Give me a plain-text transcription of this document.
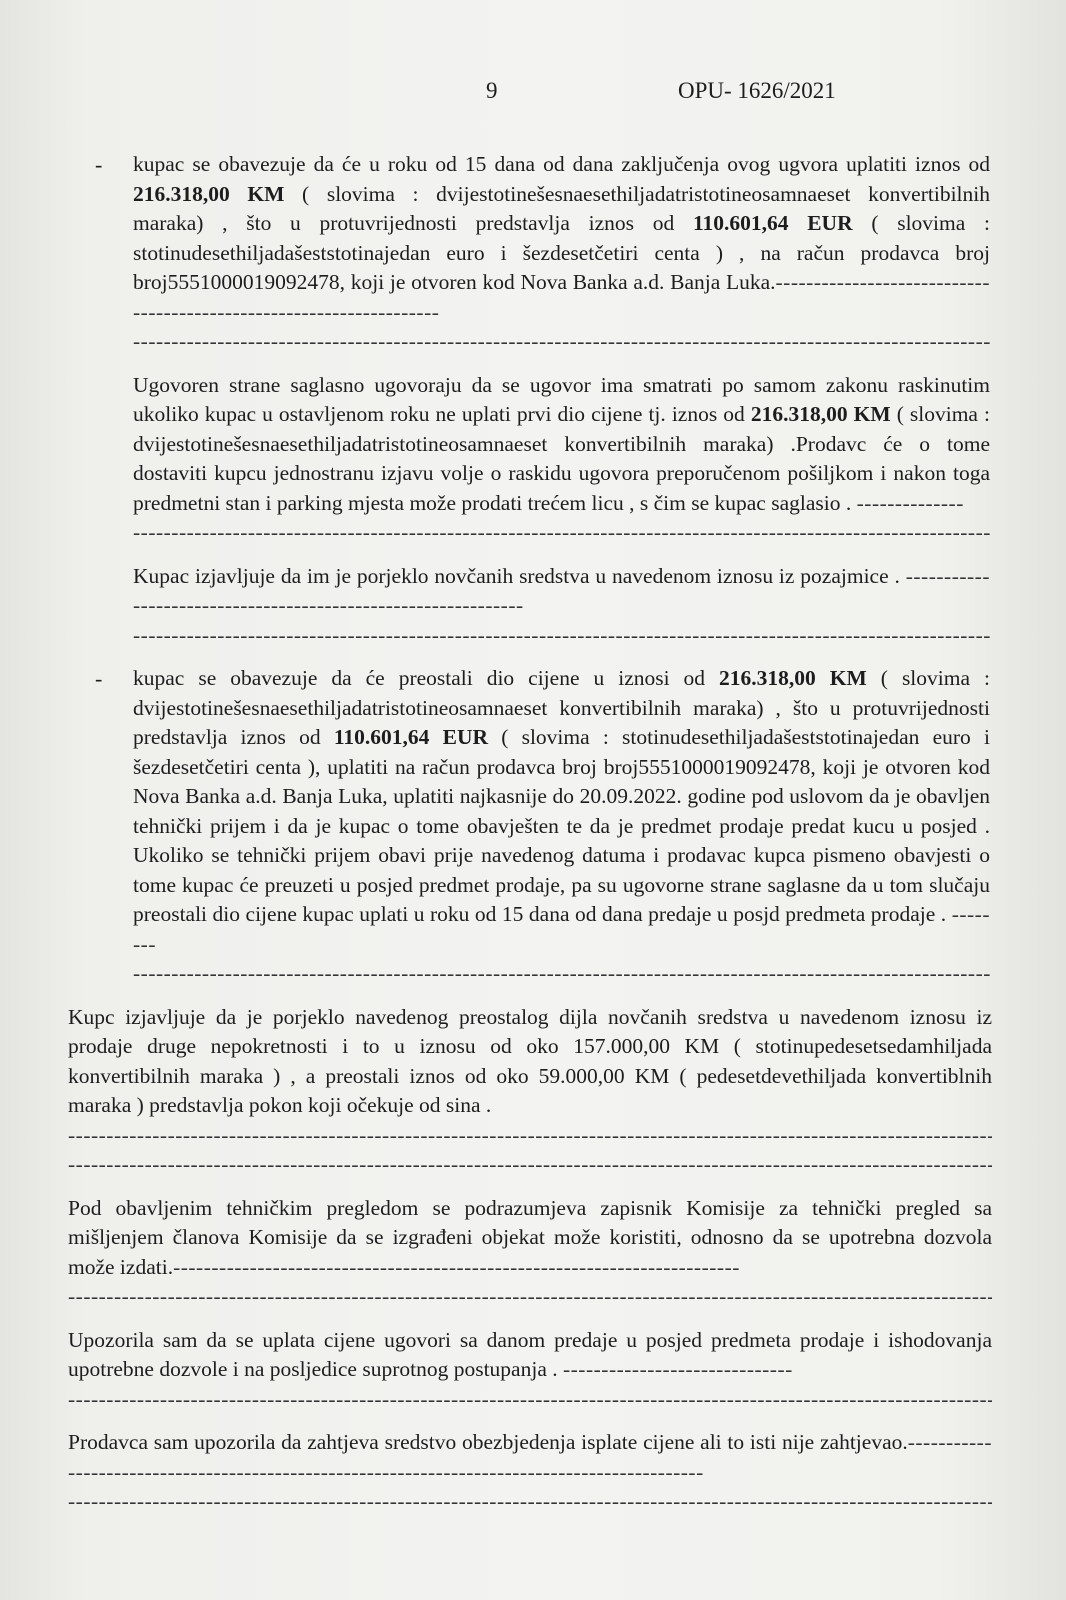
9	OPU- 1626/2021
- kupac se obavezuje da će u roku od 15 dana od dana zaključenja ovog ugvora uplatiti iznos od 216.318,00 KM ( slovima : dvijestotinešesnaesethiljadatristotineosamnaeset konvertibilnih maraka) , što u protuvrijednosti predstavlja iznos od 110.601,64 EUR ( slovima : stotinudesethiljadašeststotinajedan euro i šezdesetčetiri centa ) , na račun prodavca broj broj5551000019092478, koji je otvoren kod Nova Banka a.d. Banja Luka.--------------------------------------------------------------------
-----
Ugovoren strane saglasno ugovoraju da se ugovor ima smatrati po samom zakonu raskinutim ukoliko kupac u ostavljenom roku ne uplati prvi dio cijene tj. iznos od 216.318,00 KM ( slovima : dvijestotinešesnaesethiljadatristotineosamnaeset konvertibilnih maraka) .Prodavc će o tome dostaviti kupcu jednostranu izjavu volje o raskidu ugovora preporučenom pošiljkom i nakon toga predmetni stan i parking mjesta može prodati trećem licu , s čim se kupac saglasio . --------------
-----
Kupac izjavljuje da im je porjeklo novčanih sredstva u navedenom iznosu iz pozajmice . --------------------------------------------------------------
-----
- kupac se obavezuje da će preostali dio cijene u iznosi od 216.318,00 KM ( slovima : dvijestotinešesnaesethiljadatristotineosamnaeset konvertibilnih maraka) , što u protuvrijednosti predstavlja iznos od 110.601,64 EUR ( slovima : stotinudesethiljadašeststotinajedan euro i šezdesetčetiri centa ), uplatiti na račun prodavca broj broj5551000019092478, koji je otvoren kod Nova Banka a.d. Banja Luka, uplatiti najkasnije do 20.09.2022. godine pod uslovom da je obavljen tehnički prijem i da je kupac o tome obavješten te da je predmet prodaje predat kucu u posjed . Ukoliko se tehnički prijem obavi prije navedenog datuma i prodavac kupca pismeno obavjesti o tome kupac će preuzeti u posjed predmet prodaje, pa su ugovorne strane saglasne da u tom slučaju preostali dio cijene kupac uplati u roku od 15 dana od dana predaje u posjd predmeta prodaje . --------
-----
Kupc izjavljuje da je porjeklo navedenog preostalog dijla novčanih sredstva u navedenom iznosu iz prodaje druge nepokretnosti i to u iznosu od oko 157.000,00 KM ( stotinupedesetsedamhiljada konvertibilnih maraka ) , a preostali iznos od oko 59.000,00 KM ( pedesetdevethiljada konvertiblnih maraka ) predstavlja pokon koji očekuje od sina .
-----
-----
Pod obavljenim tehničkim pregledom se podrazumjeva zapisnik Komisije za tehnički pregled sa mišljenjem članova Komisije da se izgrađeni objekat može koristiti, odnosno da se upotrebna dozvola može izdati.--------------------------------------------------------------------------
-----
Upozorila sam da se uplata cijene ugovori sa danom predaje u posjed predmeta prodaje i ishodovanja upotrebne dozvole i na posljedice suprotnog postupanja . ------------------------------
-----
Prodavca sam upozorila da zahtjeva sredstvo obezbjedenja isplate cijene ali to isti nije zahtjevao.----------------------------------------------------------------------------------------------
-----
